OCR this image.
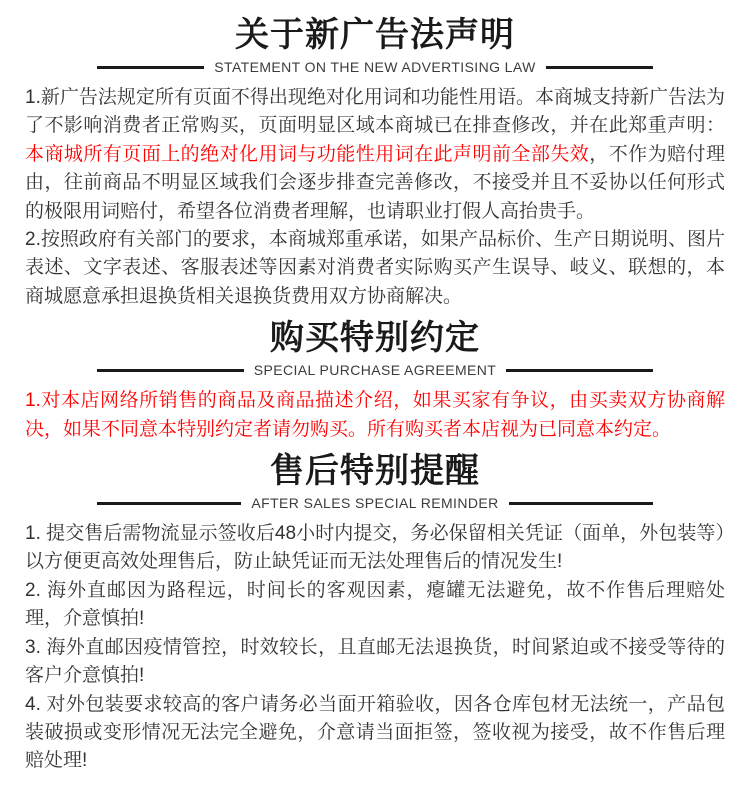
关于新广告法声明
STATEMENT ON THE NEW ADVERTISING LAW

1.新广告法规定所有页面不得出现绝对化用词和功能性用语。本商城支持新广告法为了不影响消费者正常购买，页面明显区域本商城已在排查修改，并在此郑重声明：本商城所有页面上的绝对化用词与功能性用词在此声明前全部失效，不作为赔付理由，往前商品不明显区域我们会逐步排查完善修改，不接受并且不妥协以任何形式的极限用词赔付，希望各位消费者理解，也请职业打假人高抬贵手。

2.按照政府有关部门的要求，本商城郑重承诺，如果产品标价、生产日期说明、图片表述、文字表述、客服表述等因素对消费者实际购买产生误导、岐义、联想的，本商城愿意承担退换货相关退换货费用双方协商解决。

购买特别约定
SPECIAL PURCHASE AGREEMENT

1.对本店网络所销售的商品及商品描述介绍，如果买家有争议，由买卖双方协商解决，如果不同意本特别约定者请勿购买。所有购买者本店视为已同意本约定。

售后特别提醒
AFTER SALES SPECIAL REMINDER

1. 提交售后需物流显示签收后48小时内提交，务必保留相关凭证（面单，外包装等）以方便更高效处理售后，防止缺凭证而无法处理售后的情况发生!

2. 海外直邮因为路程远，时间长的客观因素，瘪罐无法避免，故不作售后理赔处理，介意慎拍!

3. 海外直邮因疫情管控，时效较长，且直邮无法退换货，时间紧迫或不接受等待的客户介意慎拍!

4. 对外包装要求较高的客户请务必当面开箱验收，因各仓库包材无法统一，产品包装破损或变形情况无法完全避免，介意请当面拒签，签收视为接受，故不作售后理赔处理!
